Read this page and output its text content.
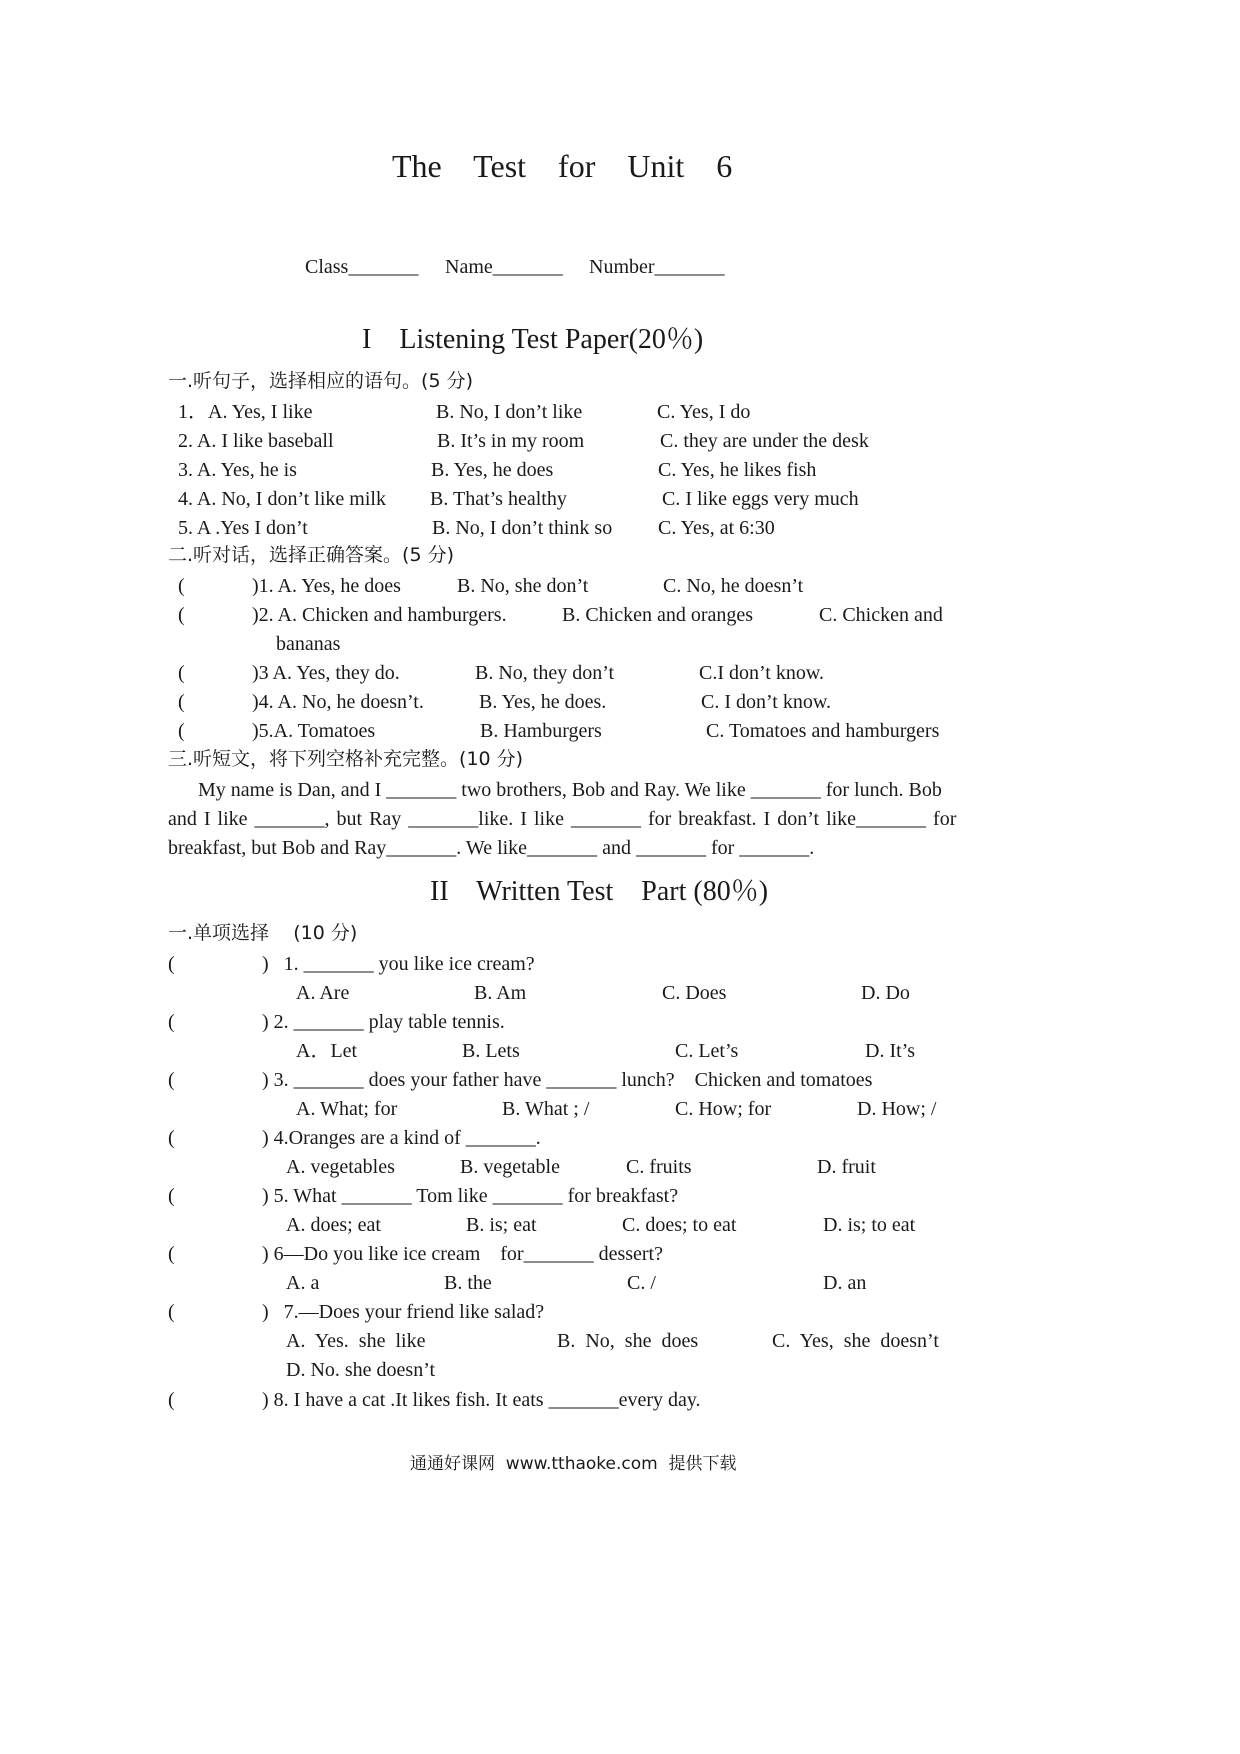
The Test for Unit 6
Class_______ Name_______ Number_______
I    Listening Test Paper(20％)
一.听句子，选择相应的语句。(5 分)
1．A. Yes, I like	B. No, I don’t like	C. Yes, I do
2. A. I like baseball	B. It’s in my room	C. they are under the desk
3. A. Yes, he is	B. Yes, he does	C. Yes, he likes fish
4. A. No, I don’t like milk B. That’s healthy	C. I like eggs very much
5. A .Yes I don’t	B. No, I don’t think so C. Yes, at 6:30
二.听对话，选择正确答案。(5 分)
(	)1. A. Yes, he does	B. No, she don’t	C. No, he doesn’t
(	)2. A. Chicken and hamburgers.	B. Chicken and oranges	C. Chicken and
bananas
(	)3 A. Yes, they do.	B. No, they don’t	C.I don’t know.
(	)4. A. No, he doesn’t.	B. Yes, he does.	C. I don’t know.
(	)5.A. Tomatoes	B. Hamburgers	C. Tomatoes and hamburgers
三.听短文，将下列空格补充完整。(10 分)
My name is Dan, and I _______ two brothers, Bob and Ray. We like _______ for lunch. Bob
and I like _______, but Ray _______like. I like _______ for breakfast. I don’t like_______ for
breakfast, but Bob and Ray_______. We like_______ and _______ for _______.
II    Written Test    Part (80％)
一.单项选择    (10 分)
(	)   1. _______ you like ice cream?
A. Are	B. Am	C. Does	D. Do
(	) 2. _______ play table tennis.
A．Let	B. Lets	C. Let’s	D. It’s
(	) 3. _______ does your father have _______ lunch?    Chicken and tomatoes
A. What; for	B. What ; /	C. How; for	D. How; /
(	) 4.Oranges are a kind of _______.
A. vegetables	B. vegetable	C. fruits	D. fruit
(	) 5. What _______ Tom like _______ for breakfast?
A. does; eat	B. is; eat	C. does; to eat	D. is; to eat
(	) 6—Do you like ice cream    for_______ dessert?
A. a	B. the	C. /	D. an
(	)   7.—Does your friend like salad?
A.  Yes.  she  like	B.  No,  she  does	C.  Yes,  she  doesn’t
D. No. she doesn’t
(	) 8. I have a cat .It likes fish. It eats _______every day.
通通好课网  www.tthaoke.com  提供下载
